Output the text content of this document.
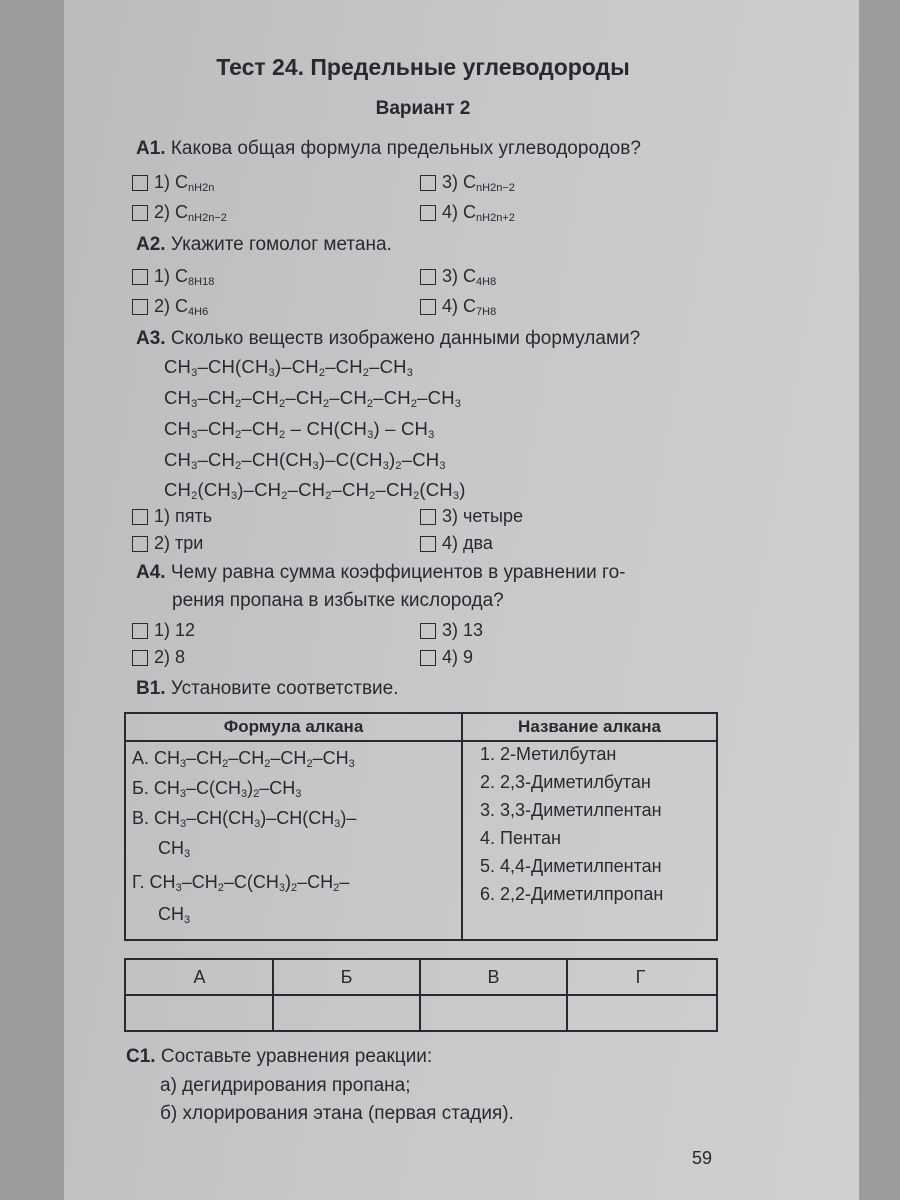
Тест 24. Предельные углеводороды
Вариант 2
А1. Какова общая формула предельных углеводородов?
1) $C_{nH2n}$
2) $C_{nH2n-2}$
3) $C_{nH2n-2}$
4) $C_{nH2n+2}$
А2. Укажите гомолог метана.
1) $C_{8H18}$
2) $C_{4H6}$
3) $C_{4H8}$
4) $C_{7H8}$
А3. Сколько веществ изображено данными формулами?
$CH_3-CH(CH_3)-CH_2-CH_2-CH_3$
$CH_3-CH_2-CH_2-CH_2-CH_2-CH_2-CH_3$
$CH_3-CH_2-CH_2 - CH(CH_3) - CH_3$
$CH_3-CH_2-CH(CH_3)-C(CH_3)_2-CH_3$
$CH_2(CH_3)-CH_2-CH_2-CH_2-CH_2(CH_3)$
1) пять
2) три
3) четыре
4) два
А4. Чему равна сумма коэффициентов в уравнении го-
рения пропана в избытке кислорода?
1) 12
2) 8
3) 13
4) 9
В1. Установите соответствие.
Формула алкана	Название алкана
А. $CH_3-CH_2-CH_2-CH_2-CH_3$
Б. $CH_3-C(CH_3)_2-CH_3$
В. $CH_3-CH(CH_3)-CH(CH_3)-$
$CH_3$
Г. $CH_3-CH_2-C(CH_3)_2-CH_2-$
$CH_3$
1. 2-Метилбутан
2. 2,3-Диметилбутан
3. 3,3-Диметилпентан
4. Пентан
5. 4,4-Диметилпентан
6. 2,2-Диметилпропан
А	Б	В	Г
С1. Составьте уравнения реакции:
а) дегидрирования пропана;
б) хлорирования этана (первая стадия).
59
